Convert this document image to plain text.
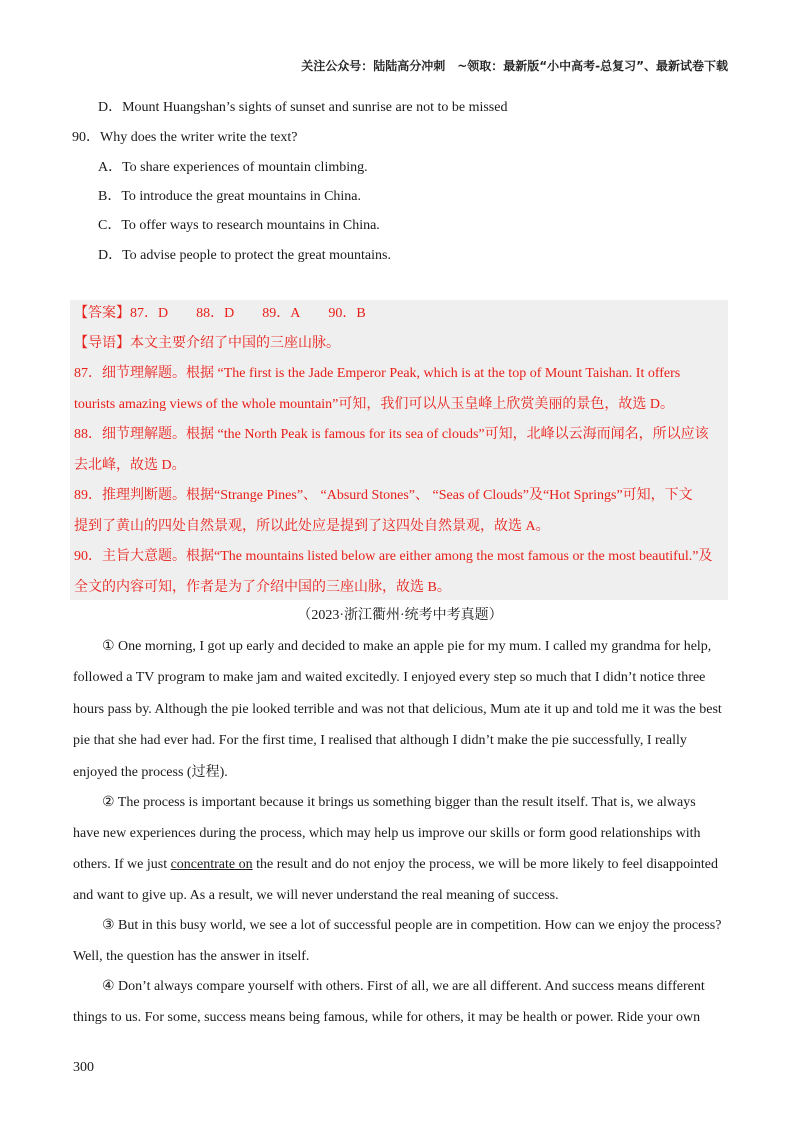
关注公众号：陆陆高分冲刺　~领取：最新版“小中高考-总复习”、最新试卷下载
D．Mount Huangshan’s sights of sunset and sunrise are not to be missed
90．Why does the writer write the text?
A．To share experiences of mountain climbing.
B．To introduce the great mountains in China.
C．To offer ways to research mountains in China.
D．To advise people to protect the great mountains.
【答案】87．D 88．D 89．A 90．B
【导语】本文主要介绍了中国的三座山脉。
87．细节理解题。根据 “The first is the Jade Emperor Peak, which is at the top of Mount Taishan. It offers
tourists amazing views of the whole mountain”可知，我们可以从玉皇峰上欣赏美丽的景色，故选 D。
88．细节理解题。根据 “the North Peak is famous for its sea of clouds”可知，北峰以云海而闻名，所以应该
去北峰，故选 D。
89．推理判断题。根据“Strange Pines”、 “Absurd Stones”、 “Seas of Clouds”及“Hot Springs”可知，下文
提到了黄山的四处自然景观，所以此处应是提到了这四处自然景观，故选 A。
90．主旨大意题。根据“The mountains listed below are either among the most famous or the most beautiful.”及
全文的内容可知，作者是为了介绍中国的三座山脉，故选 B。
（2023·浙江衢州·统考中考真题）
① One morning, I got up early and decided to make an apple pie for my mum. I called my grandma for help,
followed a TV program to make jam and waited excitedly. I enjoyed every step so much that I didn’t notice three
hours pass by. Although the pie looked terrible and was not that delicious, Mum ate it up and told me it was the best
pie that she had ever had. For the first time, I realised that although I didn’t make the pie successfully, I really
enjoyed the process (过程).
② The process is important because it brings us something bigger than the result itself. That is, we always
have new experiences during the process, which may help us improve our skills or form good relationships with
others. If we just concentrate on the result and do not enjoy the process, we will be more likely to feel disappointed
and want to give up. As a result, we will never understand the real meaning of success.
③ But in this busy world, we see a lot of successful people are in competition. How can we enjoy the process?
Well, the question has the answer in itself.
④ Don’t always compare yourself with others. First of all, we are all different. And success means different
things to us. For some, success means being famous, while for others, it may be health or power. Ride your own
300
